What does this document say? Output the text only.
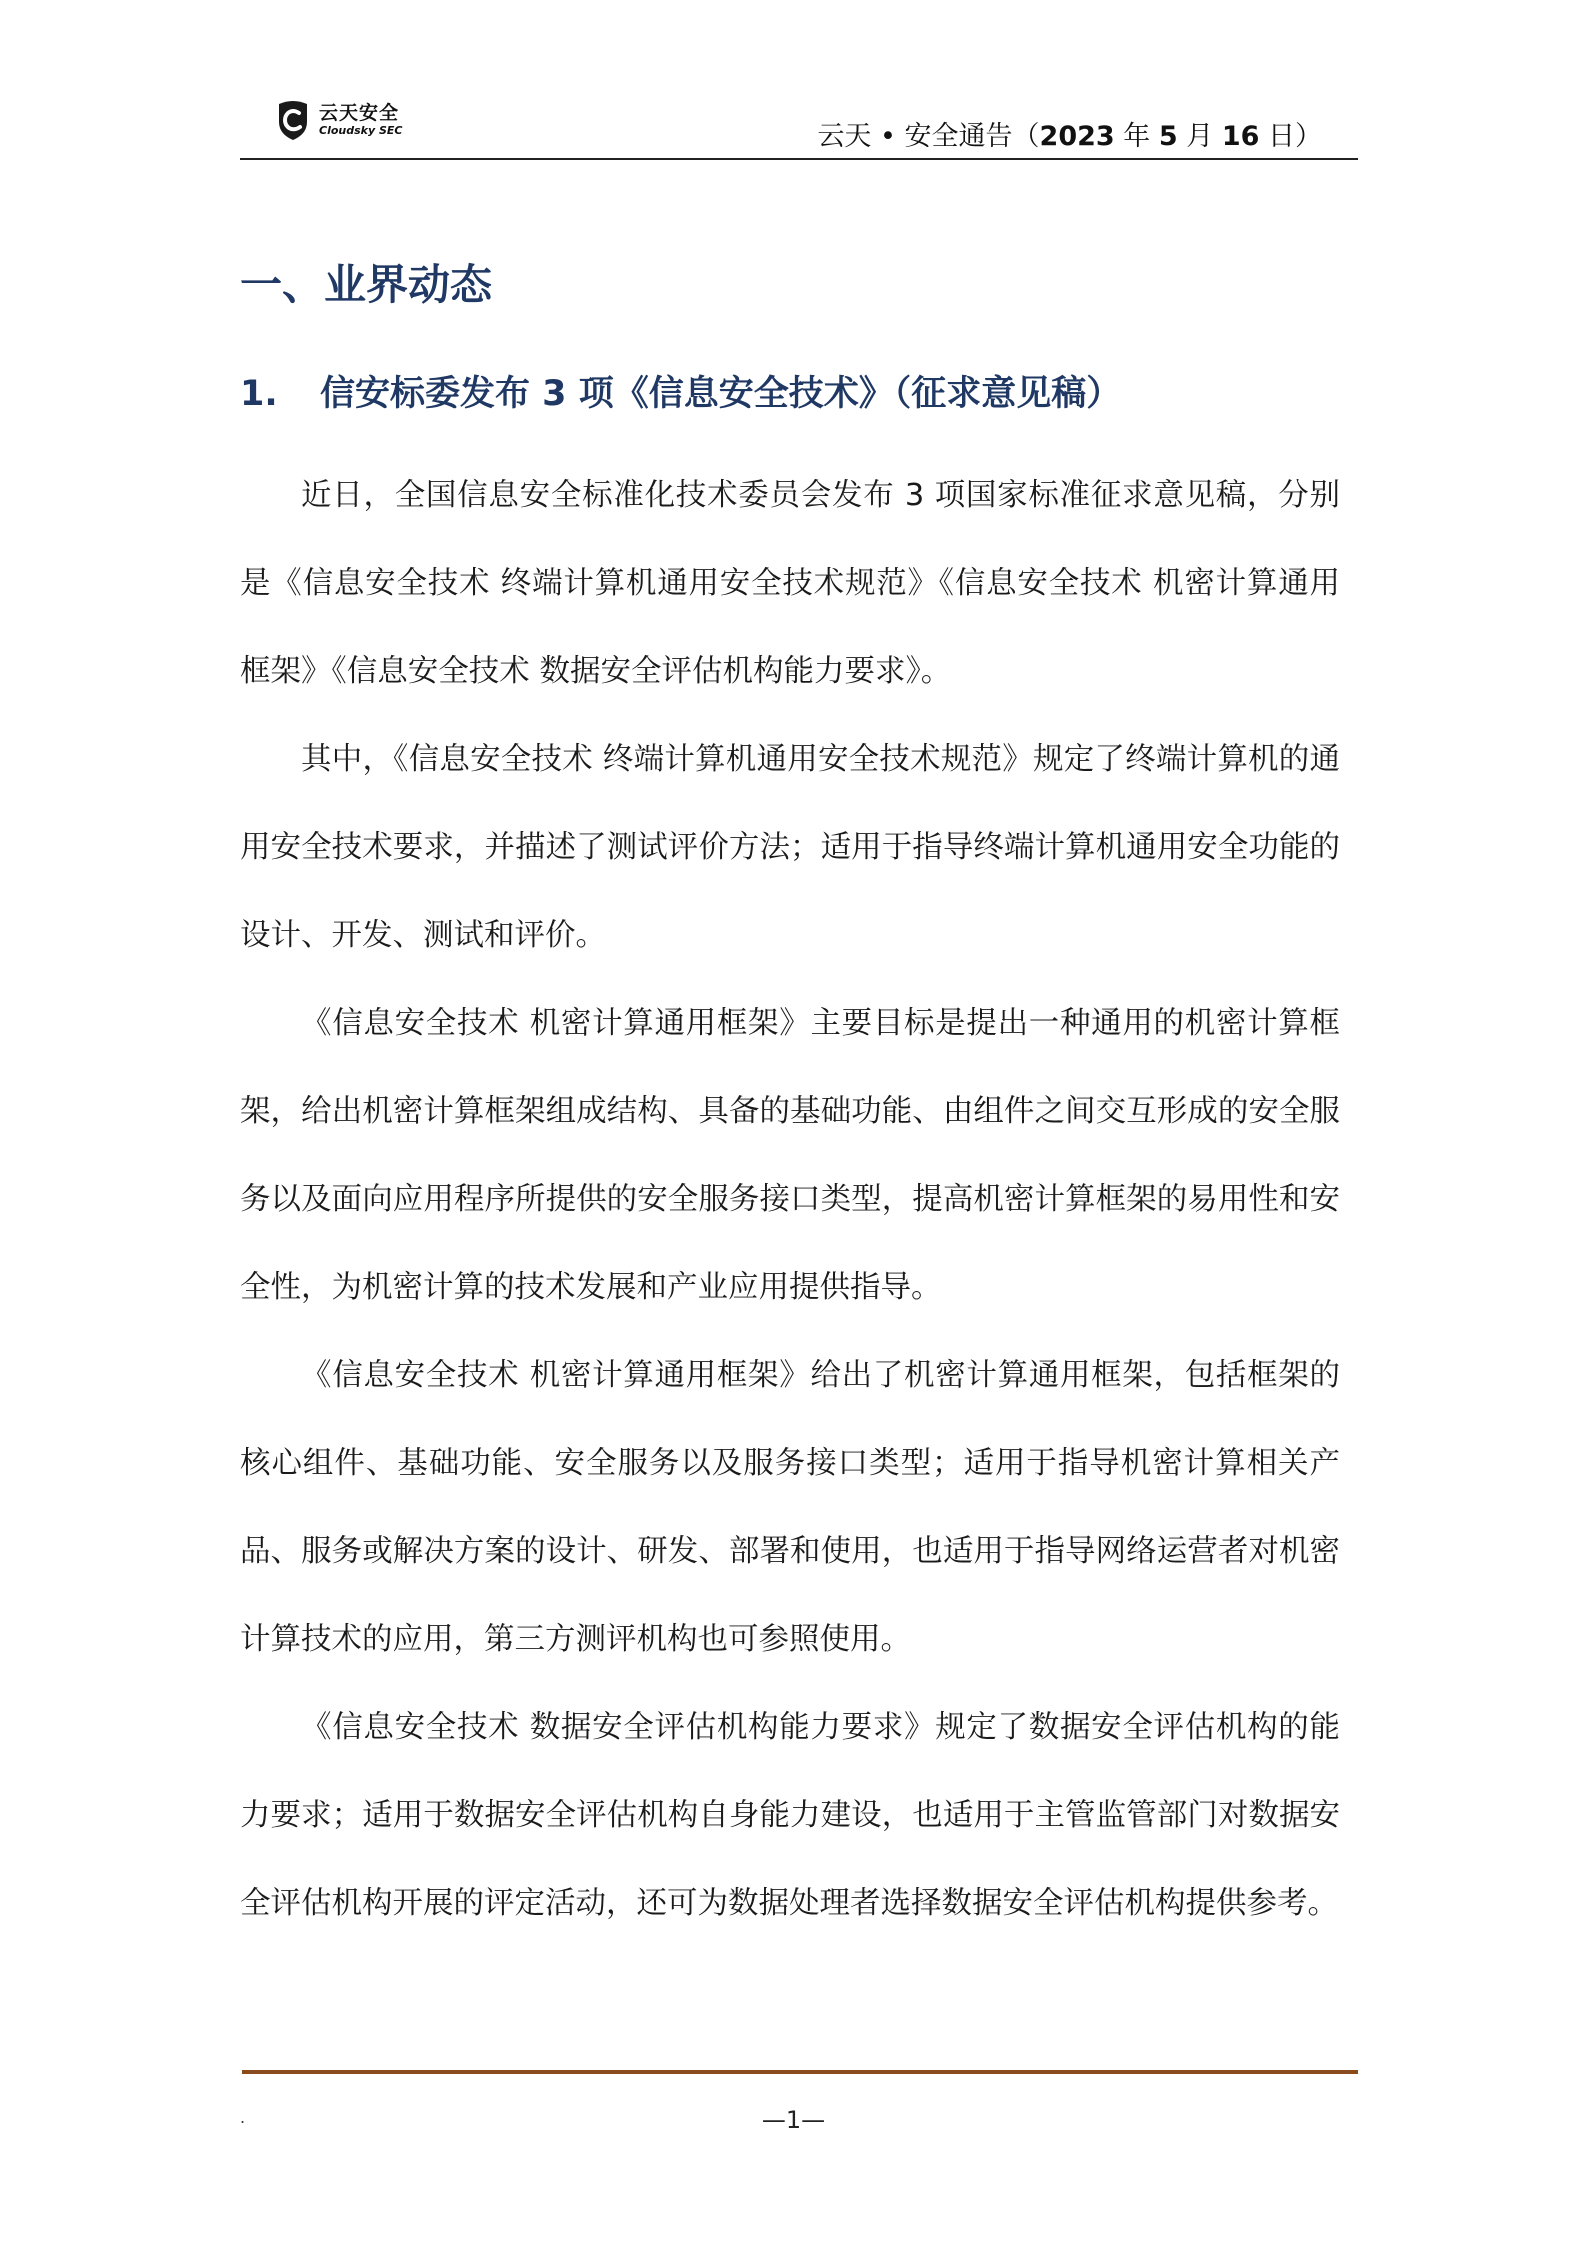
云天安全
Cloudsky SEC	云天 • 安全通告（2023 年 5 月 16 日）
一、业界动态
1. 信安标委发布 3 项《信息安全技术》（征求意见稿）

近日，全国信息安全标准化技术委员会发布 3 项国家标准征求意见稿，分别是《信息安全技术 终端计算机通用安全技术规范》《信息安全技术 机密计算通用框架》《信息安全技术 数据安全评估机构能力要求》。

其中，《信息安全技术 终端计算机通用安全技术规范》规定了终端计算机的通用安全技术要求，并描述了测试评价方法；适用于指导终端计算机通用安全功能的设计、开发、测试和评价。

《信息安全技术 机密计算通用框架》主要目标是提出一种通用的机密计算框架，给出机密计算框架组成结构、具备的基础功能、由组件之间交互形成的安全服务以及面向应用程序所提供的安全服务接口类型，提高机密计算框架的易用性和安全性，为机密计算的技术发展和产业应用提供指导。

《信息安全技术 机密计算通用框架》给出了机密计算通用框架，包括框架的核心组件、基础功能、安全服务以及服务接口类型；适用于指导机密计算相关产品、服务或解决方案的设计、研发、部署和使用，也适用于指导网络运营者对机密计算技术的应用，第三方测评机构也可参照使用。

《信息安全技术 数据安全评估机构能力要求》规定了数据安全评估机构的能力要求；适用于数据安全评估机构自身能力建设，也适用于主管监管部门对数据安全评估机构开展的评定活动，还可为数据处理者选择数据安全评估机构提供参考。

.	—1—
